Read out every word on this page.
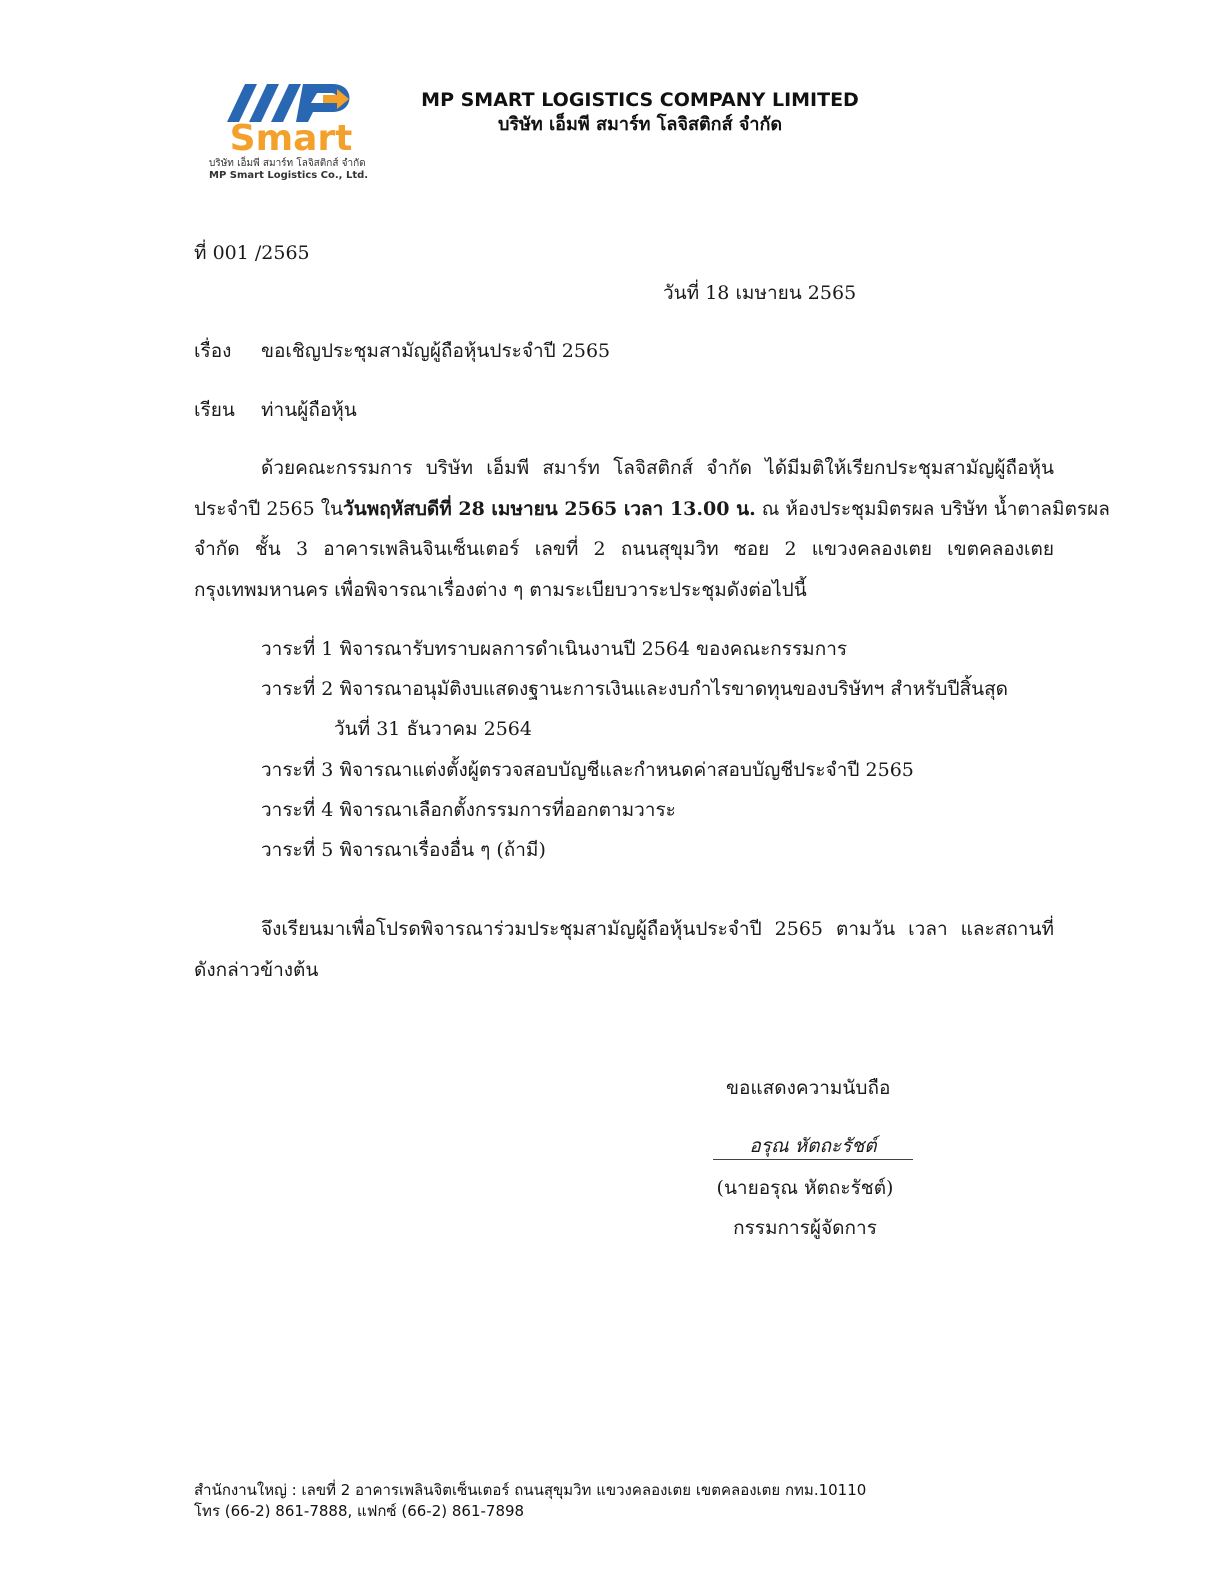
Smart
บริษัท เอ็มพี สมาร์ท โลจิสติกส์ จำกัด
MP Smart Logistics Co., Ltd.
MP SMART LOGISTICS COMPANY LIMITED
บริษัท เอ็มพี สมาร์ท โลจิสติกส์ จำกัด
ที่ 001 /2565
วันที่ 18 เมษายน 2565
เรื่อง ขอเชิญประชุมสามัญผู้ถือหุ้นประจำปี 2565
เรียน ท่านผู้ถือหุ้น
ด้วยคณะกรรมการ บริษัท เอ็มพี สมาร์ท โลจิสติกส์ จำกัด ได้มีมติให้เรียกประชุมสามัญผู้ถือหุ้น
ประจำปี 2565 ในวันพฤหัสบดีที่ 28 เมษายน 2565 เวลา 13.00 น. ณ ห้องประชุมมิตรผล บริษัท น้ำตาลมิตรผล
จำกัด ชั้น 3 อาคารเพลินจินเซ็นเตอร์ เลขที่ 2 ถนนสุขุมวิท ซอย 2 แขวงคลองเตย เขตคลองเตย
กรุงเทพมหานคร เพื่อพิจารณาเรื่องต่าง ๆ ตามระเบียบวาระประชุมดังต่อไปนี้
วาระที่ 1 พิจารณารับทราบผลการดำเนินงานปี 2564 ของคณะกรรมการ
วาระที่ 2 พิจารณาอนุมัติงบแสดงฐานะการเงินและงบกำไรขาดทุนของบริษัทฯ สำหรับปีสิ้นสุด
วันที่ 31 ธันวาคม 2564
วาระที่ 3 พิจารณาแต่งตั้งผู้ตรวจสอบบัญชีและกำหนดค่าสอบบัญชีประจำปี 2565
วาระที่ 4 พิจารณาเลือกตั้งกรรมการที่ออกตามวาระ
วาระที่ 5 พิจารณาเรื่องอื่น ๆ (ถ้ามี)
จึงเรียนมาเพื่อโปรดพิจารณาร่วมประชุมสามัญผู้ถือหุ้นประจำปี 2565 ตามวัน เวลา และสถานที่
ดังกล่าวข้างต้น
ขอแสดงความนับถือ
อรุณ หัตถะรัชต์
(นายอรุณ หัตถะรัชต์)
กรรมการผู้จัดการ
สำนักงานใหญ่ : เลขที่ 2 อาคารเพลินจิตเซ็นเตอร์ ถนนสุขุมวิท แขวงคลองเตย เขตคลองเตย กทม.10110
โทร (66-2) 861-7888, แฟกซ์ (66-2) 861-7898
